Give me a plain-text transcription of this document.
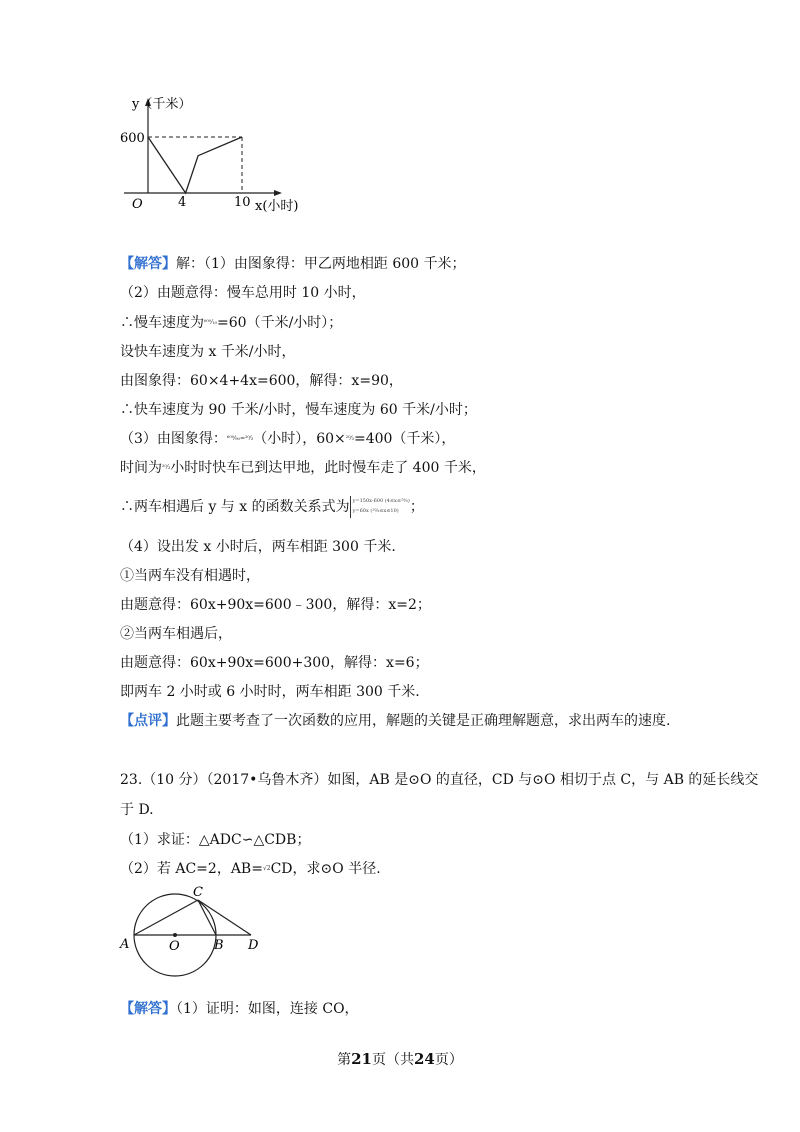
y（千米）
600
O	4	10 x(小时)
【解答】解：（1）由图象得：甲乙两地相距 600 千米；
（2）由题意得：慢车总用时 10 小时，
∴慢车速度为⁶⁰⁰⁄₁₀=60（千米/小时）；
设快车速度为 x 千米/小时，
由图象得：60×4+4x=600，解得：x=90，
∴快车速度为 90 千米/小时，慢车速度为 60 千米/小时；
（3）由图象得：⁶⁰⁰⁄₉₀=²⁰⁄₃（小时），60×²⁰⁄₃=400（千米），
时间为²⁰⁄₃小时时快车已到达甲地，此时慢车走了 400 千米，
∴两车相遇后 y 与 x 的函数关系式为 y=150x-600 (4≤x≤²⁰⁄₃)
y=60x (²⁰⁄₃≤x≤10) ；
（4）设出发 x 小时后，两车相距 300 千米.
①当两车没有相遇时，
由题意得：60x+90x=600﹣300，解得：x=2；
②当两车相遇后，
由题意得：60x+90x=600+300，解得：x=6；
即两车 2 小时或 6 小时时，两车相距 300 千米.
【点评】此题主要考查了一次函数的应用，解题的关键是正确理解题意，求出两车的速度.
23.（10 分）（2017•乌鲁木齐）如图，AB 是⊙O 的直径，CD 与⊙O 相切于点 C，与 AB 的延长线交
于 D.
（1）求证：△ADC∽△CDB；
（2）若 AC=2，AB=√2CD，求⊙O 半径.
A	O	B
C
D
【解答】（1）证明：如图，连接 CO，
第21页（共24页）
